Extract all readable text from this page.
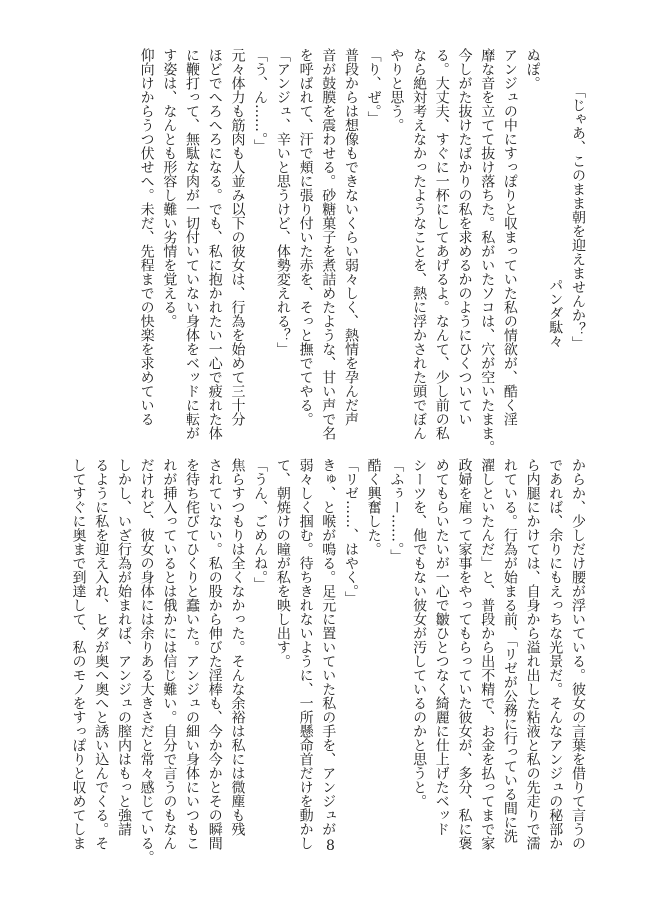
「じゃあ、このまま朝を迎えませんか？」
パンダ駄々
ぬぽ。
アンジュの中にすっぽりと収まっていた私の情欲が、酷く淫
靡な音を立てて抜け落ちた。私がいたソコは、穴が空いたまま。
今しがた抜けたばかりの私を求めるかのようにひくついてい
る。大丈夫、すぐに一杯にしてあげるよ。なんて、少し前の私
なら絶対考えなかったようなことを、熱に浮かされた頭でぼん
やりと思う。
「り、ぜ。」
普段からは想像もできないくらい弱々しく、熱情を孕んだ声
音が鼓膜を震わせる。砂糖菓子を煮詰めたような、甘い声で名
を呼ばれて、汗で頬に張り付いた赤を、そっと撫でてやる。
「アンジュ、辛いと思うけど、体勢変えれる？」
「う、ん……。」
元々体力も筋肉も人並み以下の彼女は、行為を始めて三十分
ほどでへろへろになる。でも、私に抱かれたい一心で疲れた体
に鞭打って、無駄な肉が一切付いていない身体をベッドに転が
す姿は、なんとも形容し難い劣情を覚える。
仰向けからうつ伏せへ。未だ、先程までの快楽を求めている
からか、少しだけ腰が浮いている。彼女の言葉を借りて言うの
であれば、余りにもえっちな光景だ。そんなアンジュの秘部か
ら内腿にかけては、自身から溢れ出した粘液と私の先走りで濡
れている。行為が始まる前、「リゼが公務に行っている間に洗
濯しといたんだ」と、普段から出不精で、お金を払ってまで家
政婦を雇って家事をやってもらっていた彼女が、多分、私に褒
めてもらいたいが一心で皺ひとつなく綺麗に仕上げたベッド
シーツを、他でもない彼女が汚しているのかと思うと。
「ふぅー……。」
酷く興奮した。
「リゼ……、はやく。」
きゅ、と喉が鳴る。足元に置いていた私の手を、アンジュが
弱々しく掴む。待ちきれないように、一所懸命首だけを動かし
て、朝焼けの瞳が私を映し出す。
「うん、ごめんね。」
焦らすつもりは全くなかった。そんな余裕は私には微塵も残
されていない。私の股から伸びた淫棒も、今か今かとその瞬間
を待ち侘びてひくりと蠢いた。アンジュの細い身体にいつもこ
れが挿入っているとは俄かには信じ難い。自分で言うのもなん
だけれど、彼女の身体には余りある大きさだと常々感じている。
しかし、いざ行為が始まれば、アンジュの膣内はもっと強請
るように私を迎え入れ、ヒダが奥へ奥へと誘い込んでくる。そ
してすぐに奥まで到達して、私のモノをすっぽりと収めてしま	8
